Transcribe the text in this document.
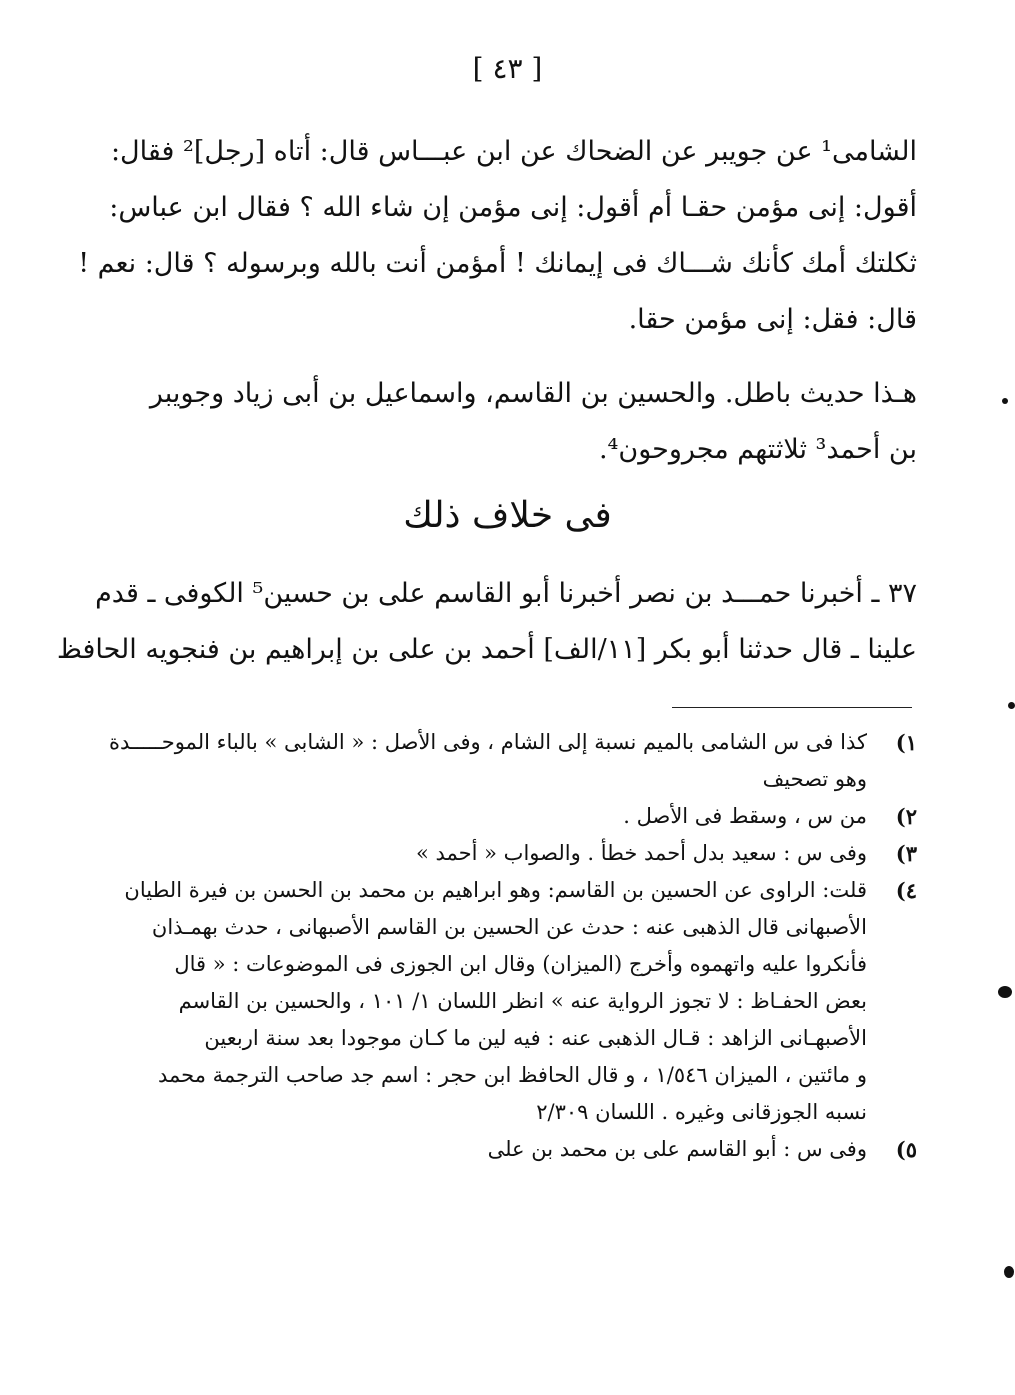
[ ٤٣ ]
الشامى¹ عن جويبر عن الضحاك عن ابن عبـــاس قال: أتاه [رجل]² فقال:
أقول: إنى مؤمن حقـا أم أقول: إنى مؤمن إن شاء الله ؟ فقال ابن عباس:
ثكلتك أمك كأنك شـــاك فى إيمانك ! أمؤمن أنت بالله وبرسوله ؟ قال: نعم !
قال: فقل: إنى مؤمن حقا.
هـذا حديث باطل. والحسين بن القاسم، واسماعيل بن أبى زياد وجويبر
بن أحمد³ ثلاثتهم مجروحون⁴.
فى خلاف ذلك
٣٧ ـ أخبرنا حمـــد بن نصر أخبرنا أبو القاسم على بن حسين⁵ الكوفى ـ قدم
علينا ـ قال حدثنا أبو بكر [١١/الف] أحمد بن على بن إبراهيم بن فنجويه الحافظ
١)
كذا فى س الشامى بالميم نسبة إلى الشام ، وفى الأصل : « الشابى » بالباء الموحـــــدة
وهو تصحيف
٢)
من س ، وسقط فى الأصل .
٣)
وفى س : سعيد بدل أحمد خطأ . والصواب « أحمد »
٤)
قلت: الراوى عن الحسين بن القاسم: وهو ابراهيم بن محمد بن الحسن بن فيرة الطيان
الأصبهانى قال الذهبى عنه : حدث عن الحسين بن القاسم الأصبهانى ، حدث بهمـذان
فأنكروا عليه واتهموه وأخرج (الميزان) وقال ابن الجوزى فى الموضوعات : « قال
بعض الحفـاظ : لا تجوز الرواية عنه » انظر اللسان ١/ ١٠١ ، والحسين بن القاسم
الأصبهـانى الزاهد : قـال الذهبى عنه : فيه لين ما كـان موجودا بعد سنة اربعين
و مائتين ، الميزان ١/٥٤٦ ، و قال الحافظ ابن حجر : اسم جد صاحب الترجمة محمد
نسبه الجوزقانى وغيره . اللسان ٢/٣٠٩
٥)
وفى س : أبو القاسم على بن محمد بن على
